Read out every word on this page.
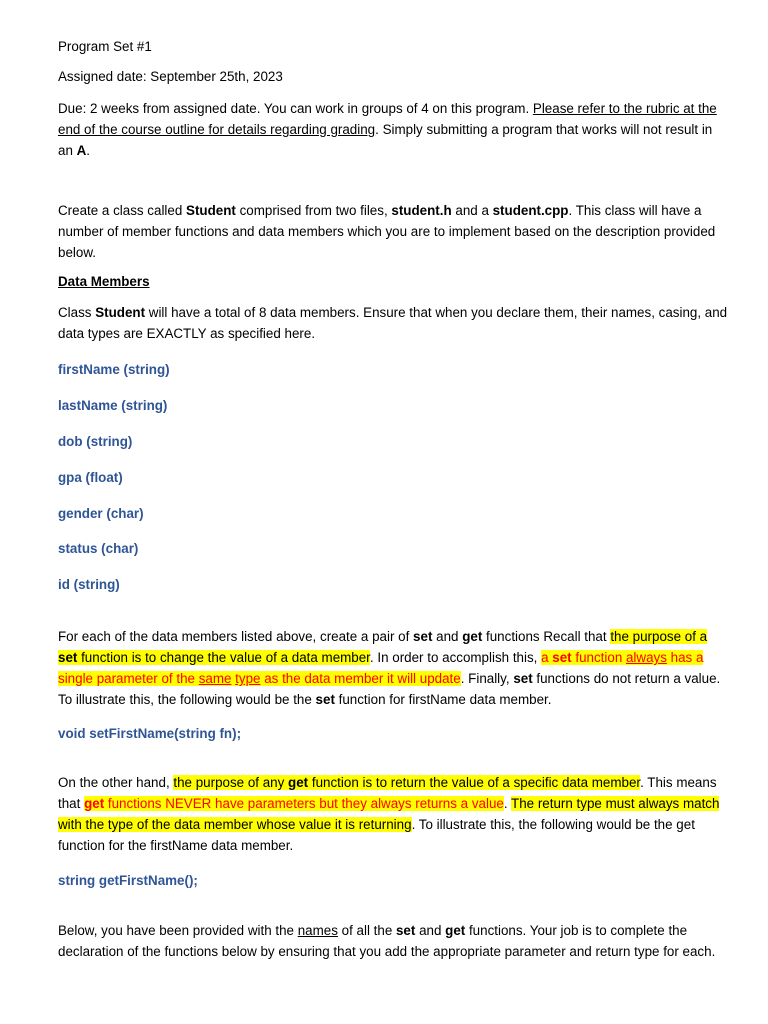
Program Set #1

Assigned date: September 25th, 2023

Due: 2 weeks from assigned date. You can work in groups of 4 on this program. Please refer to the rubric at the end of the course outline for details regarding grading. Simply submitting a program that works will not result in an A.

Create a class called Student comprised from two files, student.h and a student.cpp. This class will have a number of member functions and data members which you are to implement based on the description provided below.

Data Members

Class Student will have a total of 8 data members. Ensure that when you declare them, their names, casing, and data types are EXACTLY as specified here.

firstName (string)

lastName (string)

dob (string)

gpa (float)

gender (char)

status (char)

id (string)

For each of the data members listed above, create a pair of set and get functions Recall that the purpose of a set function is to change the value of a data member. In order to accomplish this, a set function always has a single parameter of the same type as the data member it will update. Finally, set functions do not return a value. To illustrate this, the following would be the set function for firstName data member.

void setFirstName(string fn);

On the other hand, the purpose of any get function is to return the value of a specific data member. This means that get functions NEVER have parameters but they always returns a value. The return type must always match with the type of the data member whose value it is returning. To illustrate this, the following would be the get function for the firstName data member.

string getFirstName();

Below, you have been provided with the names of all the set and get functions. Your job is to complete the declaration of the functions below by ensuring that you add the appropriate parameter and return type for each.
